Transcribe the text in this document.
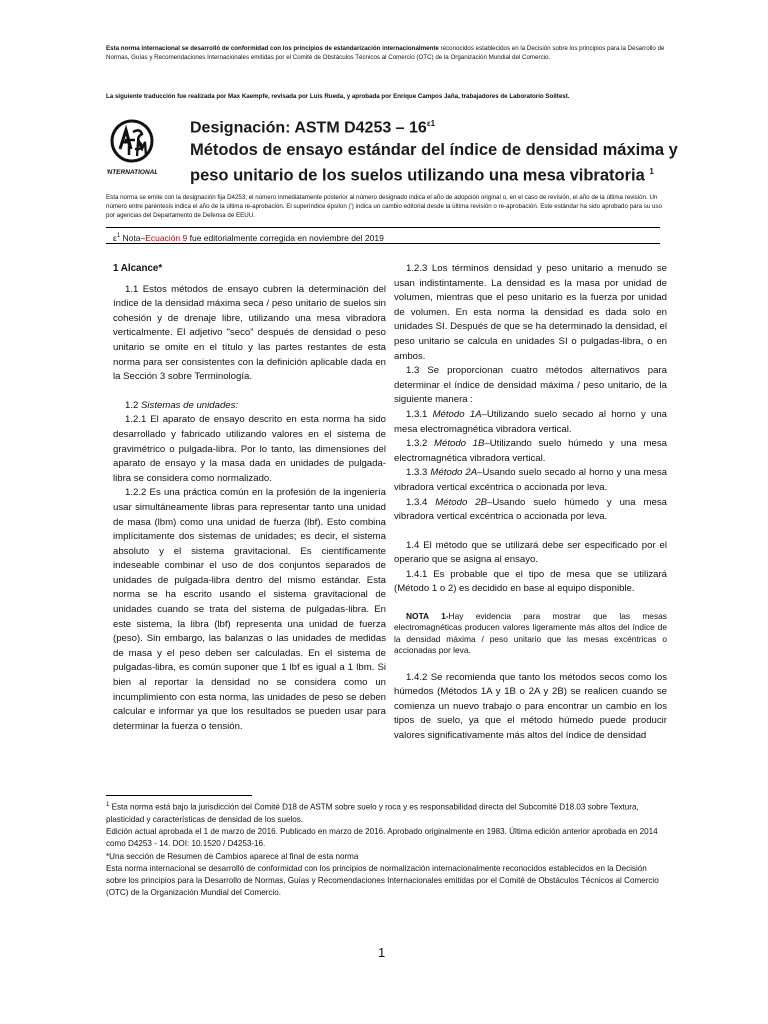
Esta norma internacional se desarrolló de conformidad con los principios de estandarización internacionalmente reconocidos establecidos en la Decisión sobre los principios para la Desarrollo de Normas, Guías y Recomendaciones Internacionales emitidas por el Comité de Obstáculos Técnicos al Comercio (OTC) de la Organización Mundial del Comercio.
La siguiente traducción fue realizada por Max Kaempfe, revisada por Luis Rueda, y aprobada por Enrique Campos Jaña, trabajadores de Laboratorio Soiltest.
INTERNATIONAL
Designación: ASTM $D4253 - 16^{\varepsilon 1}$
Métodos de ensayo estándar del índice de densidad máxima y peso unitario de los suelos utilizando una mesa vibratoria $^1$
Esta norma se emite con la designación fija D4253; el número inmediatamente posterior al número designado indica el año de adopción original o, en el caso de revisión, el año de la última revisión. Un número entre paréntesis indica el año de la última re-aprobación. El superíndice épsilon (') indica un cambio editorial desde la última revisión o re-aprobación. Este estándar ha sido aprobado para su uso por agencias del Departamento de Defensa de EEUU.
$\varepsilon^1$ Nota–Ecuación 9 fue editorialmente corregida en noviembre del 2019
1 Alcance*

1.1 Estos métodos de ensayo cubren la determinación del índice de la densidad máxima seca / peso unitario de suelos sin cohesión y de drenaje libre, utilizando una mesa vibradora verticalmente. El adjetivo "seco" después de densidad o peso unitario se omite en el título y las partes restantes de esta norma para ser consistentes con la definición aplicable dada en la Sección 3 sobre Terminología.

1.2 Sistemas de unidades:

1.2.1 El aparato de ensayo descrito en esta norma ha sido desarrollado y fabricado utilizando valores en el sistema de gravimétrico o pulgada-libra. Por lo tanto, las dimensiones del aparato de ensayo y la masa dada en unidades de pulgada-libra se considera como normalizado.

1.2.2 Es una práctica común en la profesión de la ingeniería usar simultáneamente libras para representar tanto una unidad de masa (lbm) como una unidad de fuerza (lbf). Esto combina implícitamente dos sistemas de unidades; es decir, el sistema absoluto y el sistema gravitacional. Es científicamente indeseable combinar el uso de dos conjuntos separados de unidades de pulgada-libra dentro del mismo estándar. Esta norma se ha escrito usando el sistema gravitacional de unidades cuando se trata del sistema de pulgadas-libra. En este sistema, la libra (lbf) representa una unidad de fuerza (peso). Sin embargo, las balanzas o las unidades de medidas de masa y el peso deben ser calculadas. En el sistema de pulgadas-libra, es común suponer que 1 lbf es igual a 1 lbm. Si bien al reportar la densidad no se considera como un incumplimiento con esta norma, las unidades de peso se deben calcular e informar ya que los resultados se pueden usar para determinar la fuerza o tensión.

1.2.3 Los términos densidad y peso unitario a menudo se usan indistintamente. La densidad es la masa por unidad de volumen, mientras que el peso unitario es la fuerza por unidad de volumen. En esta norma la densidad es dada solo en unidades SI. Después de que se ha determinado la densidad, el peso unitario se calcula en unidades SI o pulgadas-libra, o en ambos.

1.3 Se proporcionan cuatro métodos alternativos para determinar el índice de densidad máxima / peso unitario, de la siguiente manera :

1.3.1 Método 1A–Utilizando suelo secado al horno y una mesa electromagnética vibradora vertical.

1.3.2 Método 1B–Utilizando suelo húmedo y una mesa electromagnética vibradora vertical.

1.3.3 Método 2A–Usando suelo secado al horno y una mesa vibradora vertical excéntrica o accionada por leva.

1.3.4 Método 2B–Usando suelo húmedo y una mesa vibradora vertical excéntrica o accionada por leva.

1.4 El método que se utilizará debe ser especificado por el operario que se asigna al ensayo.

1.4.1 Es probable que el tipo de mesa que se utilizará (Método 1 o 2) es decidido en base al equipo disponible.

NOTA 1-Hay evidencia para mostrar que las mesas electromagnéticas producen valores ligeramente más altos del índice de la densidad máxima / peso unitario que las mesas excéntricas o accionadas por leva.

1.4.2 Se recomienda que tanto los métodos secos como los húmedos (Métodos 1A y 1B o 2A y 2B) se realicen cuando se comienza un nuevo trabajo o para encontrar un cambio en los tipos de suelo, ya que el método húmedo puede producir valores significativamente más altos del índice de densidad

$^1$ Esta norma está bajo la jurisdicción del Comité D18 de ASTM sobre suelo y roca y es responsabilidad directa del Subcomité D18.03 sobre Textura, plasticidad y características de densidad de los suelos.

Edición actual aprobada el 1 de marzo de 2016. Publicado en marzo de 2016. Aprobado originalmente en 1983. Última edición anterior aprobada en 2014 como D4253 - 14. DOI: 10.1520 / D4253-16.

*Una sección de Resumen de Cambios aparece al final de esta norma

Esta norma internacional se desarrolló de conformidad con los principios de normalización internacionalmente reconocidos establecidos en la Decisión sobre los principios para la Desarrollo de Normas, Guías y Recomendaciones Internacionales emitidas por el Comité de Obstáculos Técnicos al Comercio (OTC) de la Organización Mundial del Comercio.

1
